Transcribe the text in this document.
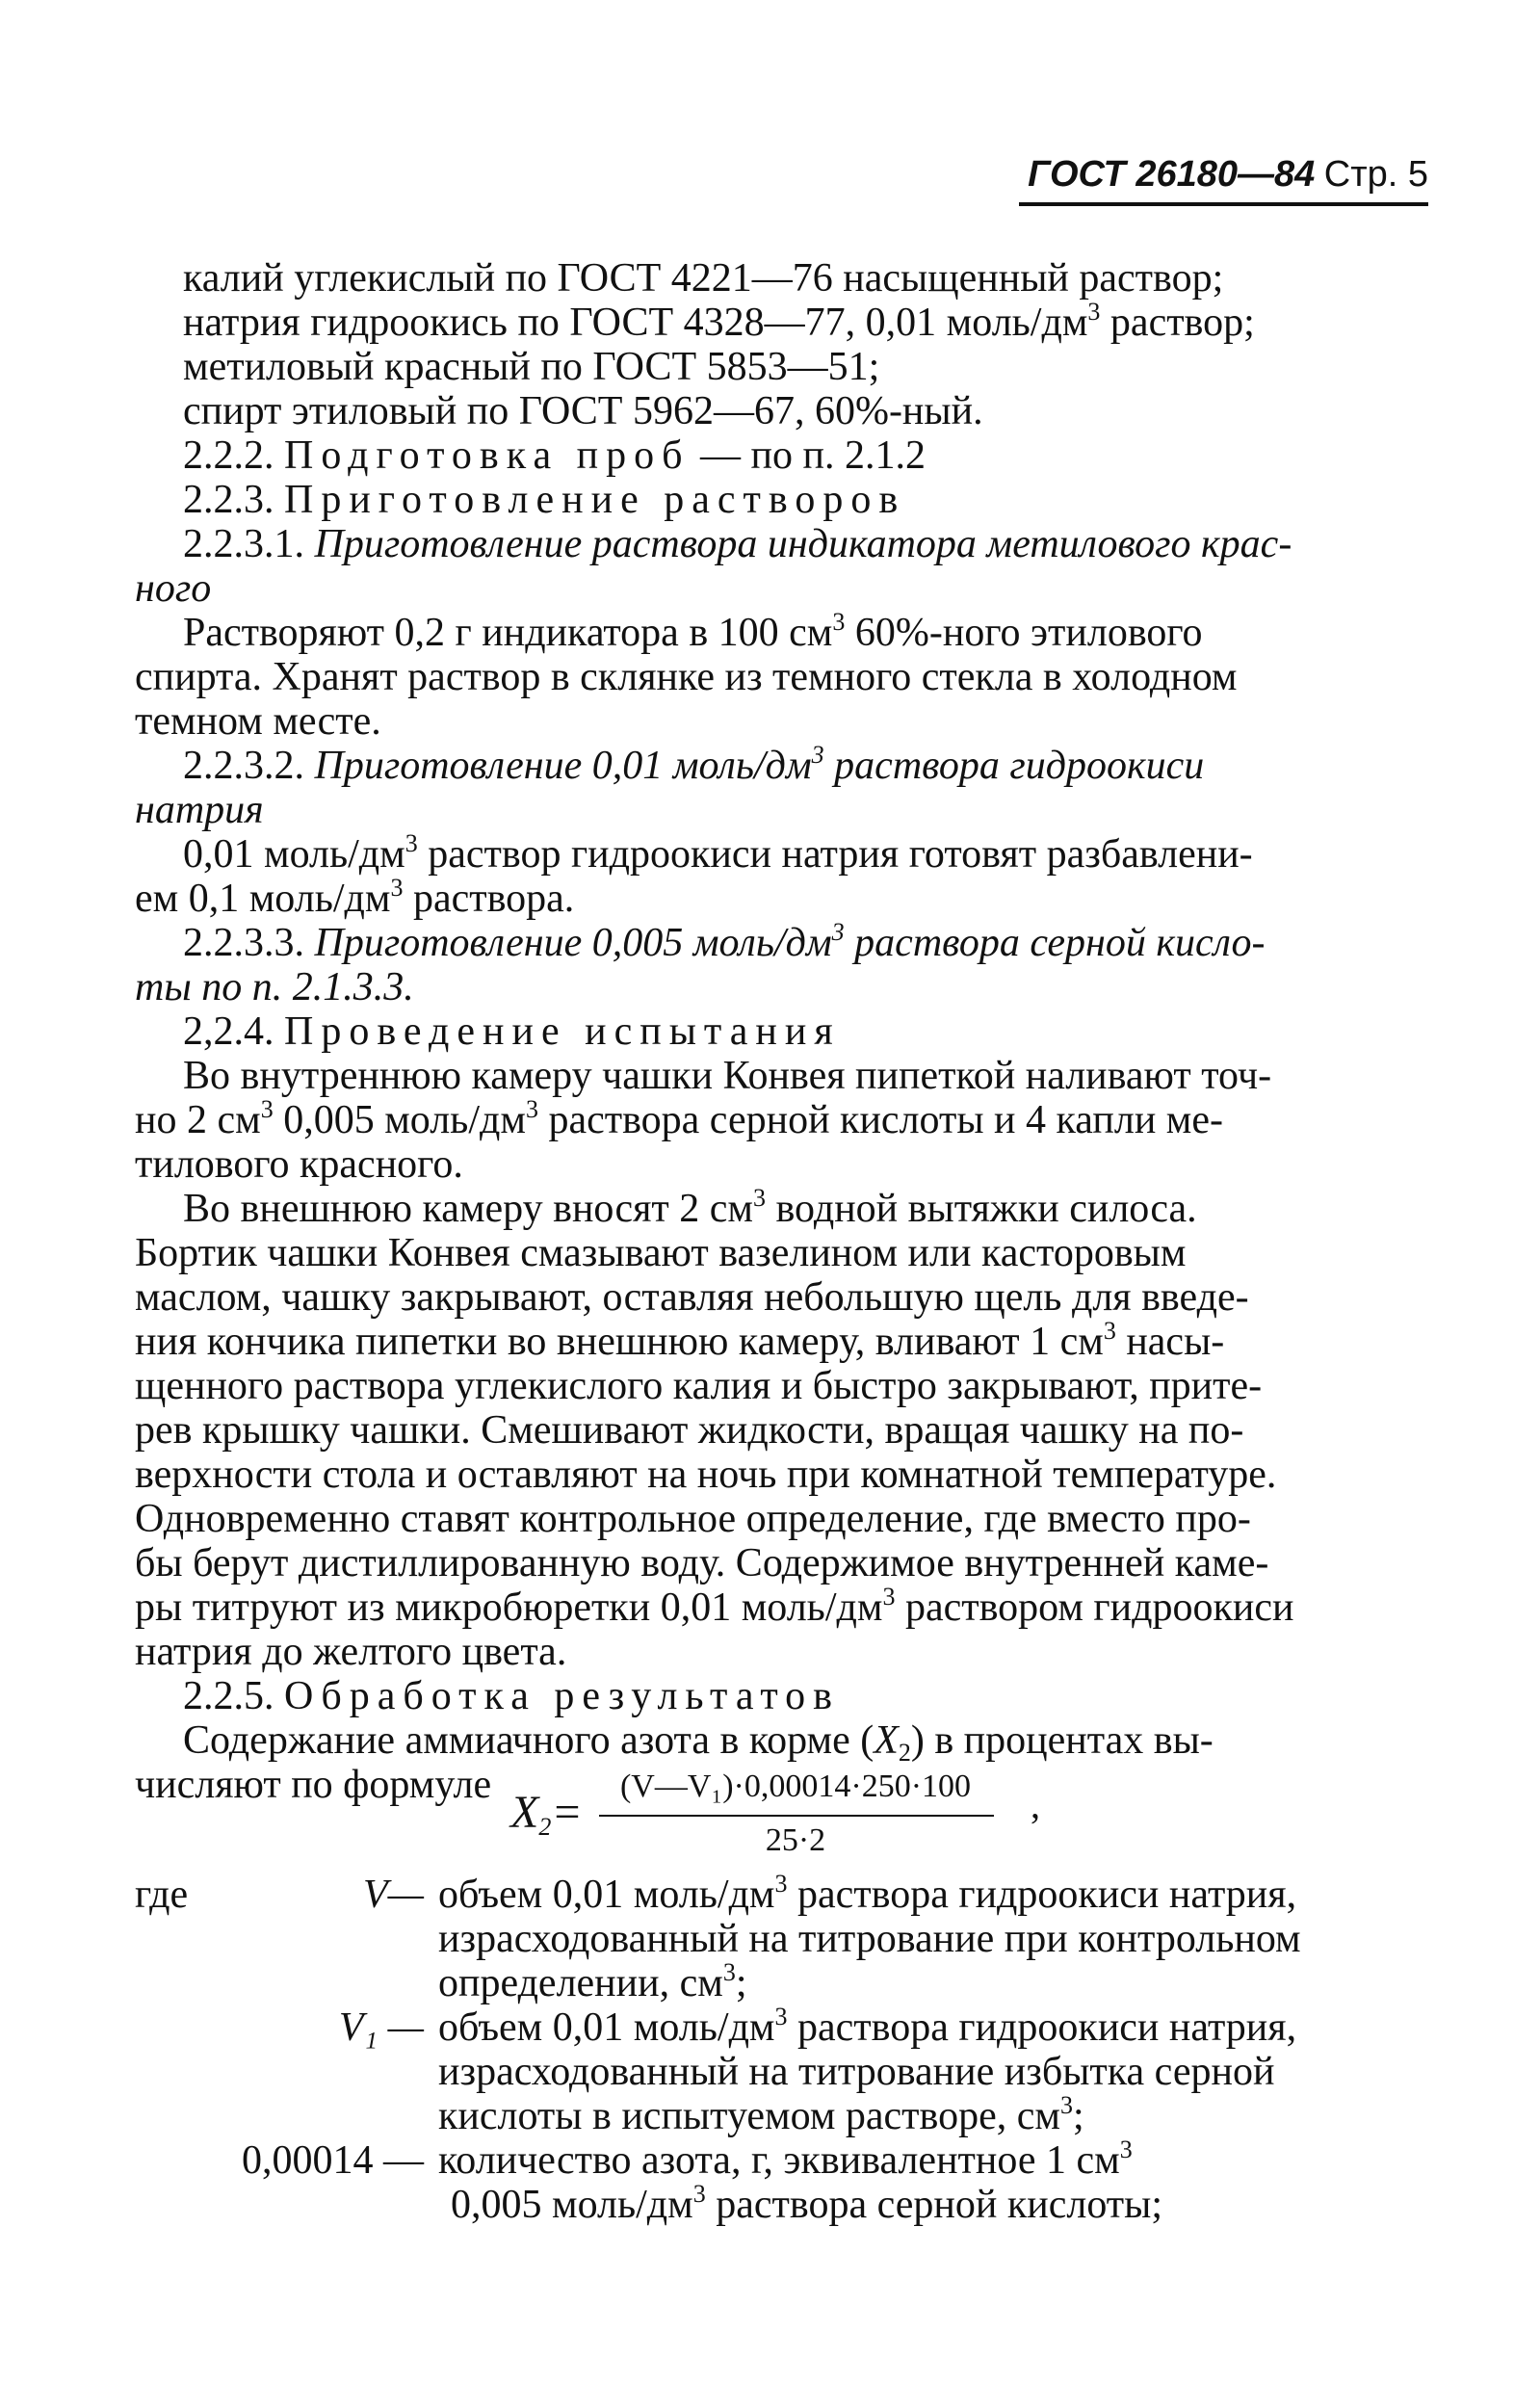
ГОСТ 26180—84 Стр. 5
калий углекислый по ГОСТ 4221—76 насыщенный раствор;
натрия гидроокись по ГОСТ 4328—77, 0,01 моль/$дм^3$ раствор;
метиловый красный по ГОСТ 5853—51;
спирт этиловый по ГОСТ 5962—67, 60%-ный.
2.2.2. Подготовка проб — по п. 2.1.2
2.2.3. Приготовление растворов
2.2.3.1. Приготовление раствора индикатора метилового крас-
ного
Растворяют 0,2 г индикатора в 100 $см^3$ 60%-ного этилового
спирта. Хранят раствор в склянке из темного стекла в холодном
темном месте.
2.2.3.2. Приготовление 0,01 моль/$дм^3$ раствора гидроокиси
натрия
0,01 моль/$дм^3$ раствор гидроокиси натрия готовят разбавлени-
ем 0,1 моль/$дм^3$ раствора.
2.2.3.3. Приготовление 0,005 моль/$дм^3$ раствора серной кисло-
ты по п. 2.1.3.3.
2,2.4. Проведение испытания
Во внутреннюю камеру чашки Конвея пипеткой наливают точ-
но 2 $см^3$ 0,005 моль/$дм^3$ раствора серной кислоты и 4 капли ме-
тилового красного.
Во внешнюю камеру вносят 2 $см^3$ водной вытяжки силоса.
Бортик чашки Конвея смазывают вазелином или касторовым
маслом, чашку закрывают, оставляя небольшую щель для введе-
ния кончика пипетки во внешнюю камеру, вливают 1 $см^3$ насы-
щенного раствора углекислого калия и быстро закрывают, прите-
рев крышку чашки. Смешивают жидкости, вращая чашку на по-
верхности стола и оставляют на ночь при комнатной температуре.
Одновременно ставят контрольное определение, где вместо про-
бы берут дистиллированную воду. Содержимое внутренней каме-
ры титруют из микробюретки 0,01 моль/$дм^3$ раствором гидроокиси
натрия до желтого цвета.
2.2.5. Обработка результатов
Содержание аммиачного азота в корме $(X_2)$ в процентах вы-
числяют по формуле
$X_2=$
(V—V₁)·0,00014·250·100
25·2
,
где	V— объем 0,01 моль/$дм^3$ раствора гидроокиси натрия,
израсходованный на титрование при контрольном
определении, $см^3$;
V₁ — объем 0,01 моль/$дм^3$ раствора гидроокиси натрия,
израсходованный на титрование избытка серной
кислоты в испытуемом растворе, $см^3$;
0,00014 — количество азота, г, эквивалентное 1 $см^3$
0,005 моль/$дм^3$ раствора серной кислоты;
